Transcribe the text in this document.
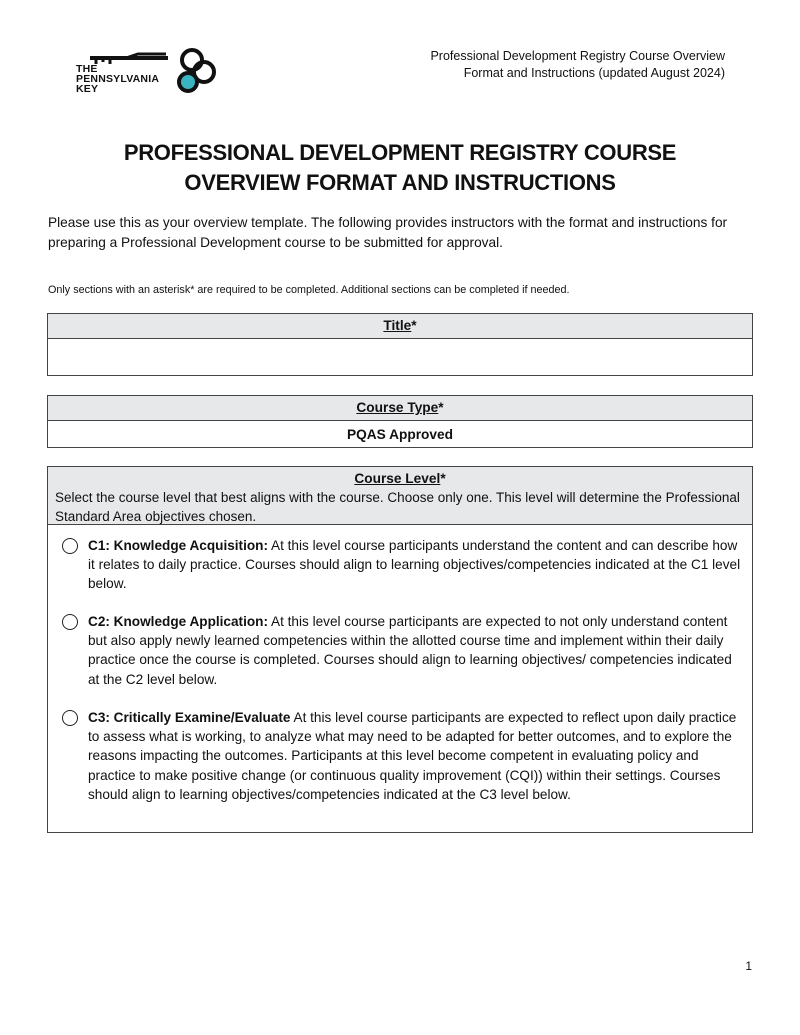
THE
PENNSYLVANIA
KEY
Professional Development Registry Course Overview
Format and Instructions (updated August 2024)
PROFESSIONAL DEVELOPMENT REGISTRY COURSE
OVERVIEW FORMAT AND INSTRUCTIONS
Please use this as your overview template. The following provides instructors with the format and instructions for preparing a Professional Development course to be submitted for approval.
Only sections with an asterisk* are required to be completed. Additional sections can be completed if needed.
Title*
Course Type*
PQAS Approved
Course Level*
Select the course level that best aligns with the course. Choose only one. This level will determine the Professional Standard Area objectives chosen.
C1: Knowledge Acquisition: At this level course participants understand the content and can describe how it relates to daily practice. Courses should align to learning objectives/competencies indicated at the C1 level below.
C2: Knowledge Application: At this level course participants are expected to not only understand content but also apply newly learned competencies within the allotted course time and implement within their daily practice once the course is completed. Courses should align to learning objectives/ competencies indicated at the C2 level below.
C3: Critically Examine/Evaluate At this level course participants are expected to reflect upon daily practice to assess what is working, to analyze what may need to be adapted for better outcomes, and to explore the reasons impacting the outcomes. Participants at this level become competent in evaluating policy and practice to make positive change (or continuous quality improvement (CQI)) within their settings. Courses should align to learning objectives/competencies indicated at the C3 level below.
1
